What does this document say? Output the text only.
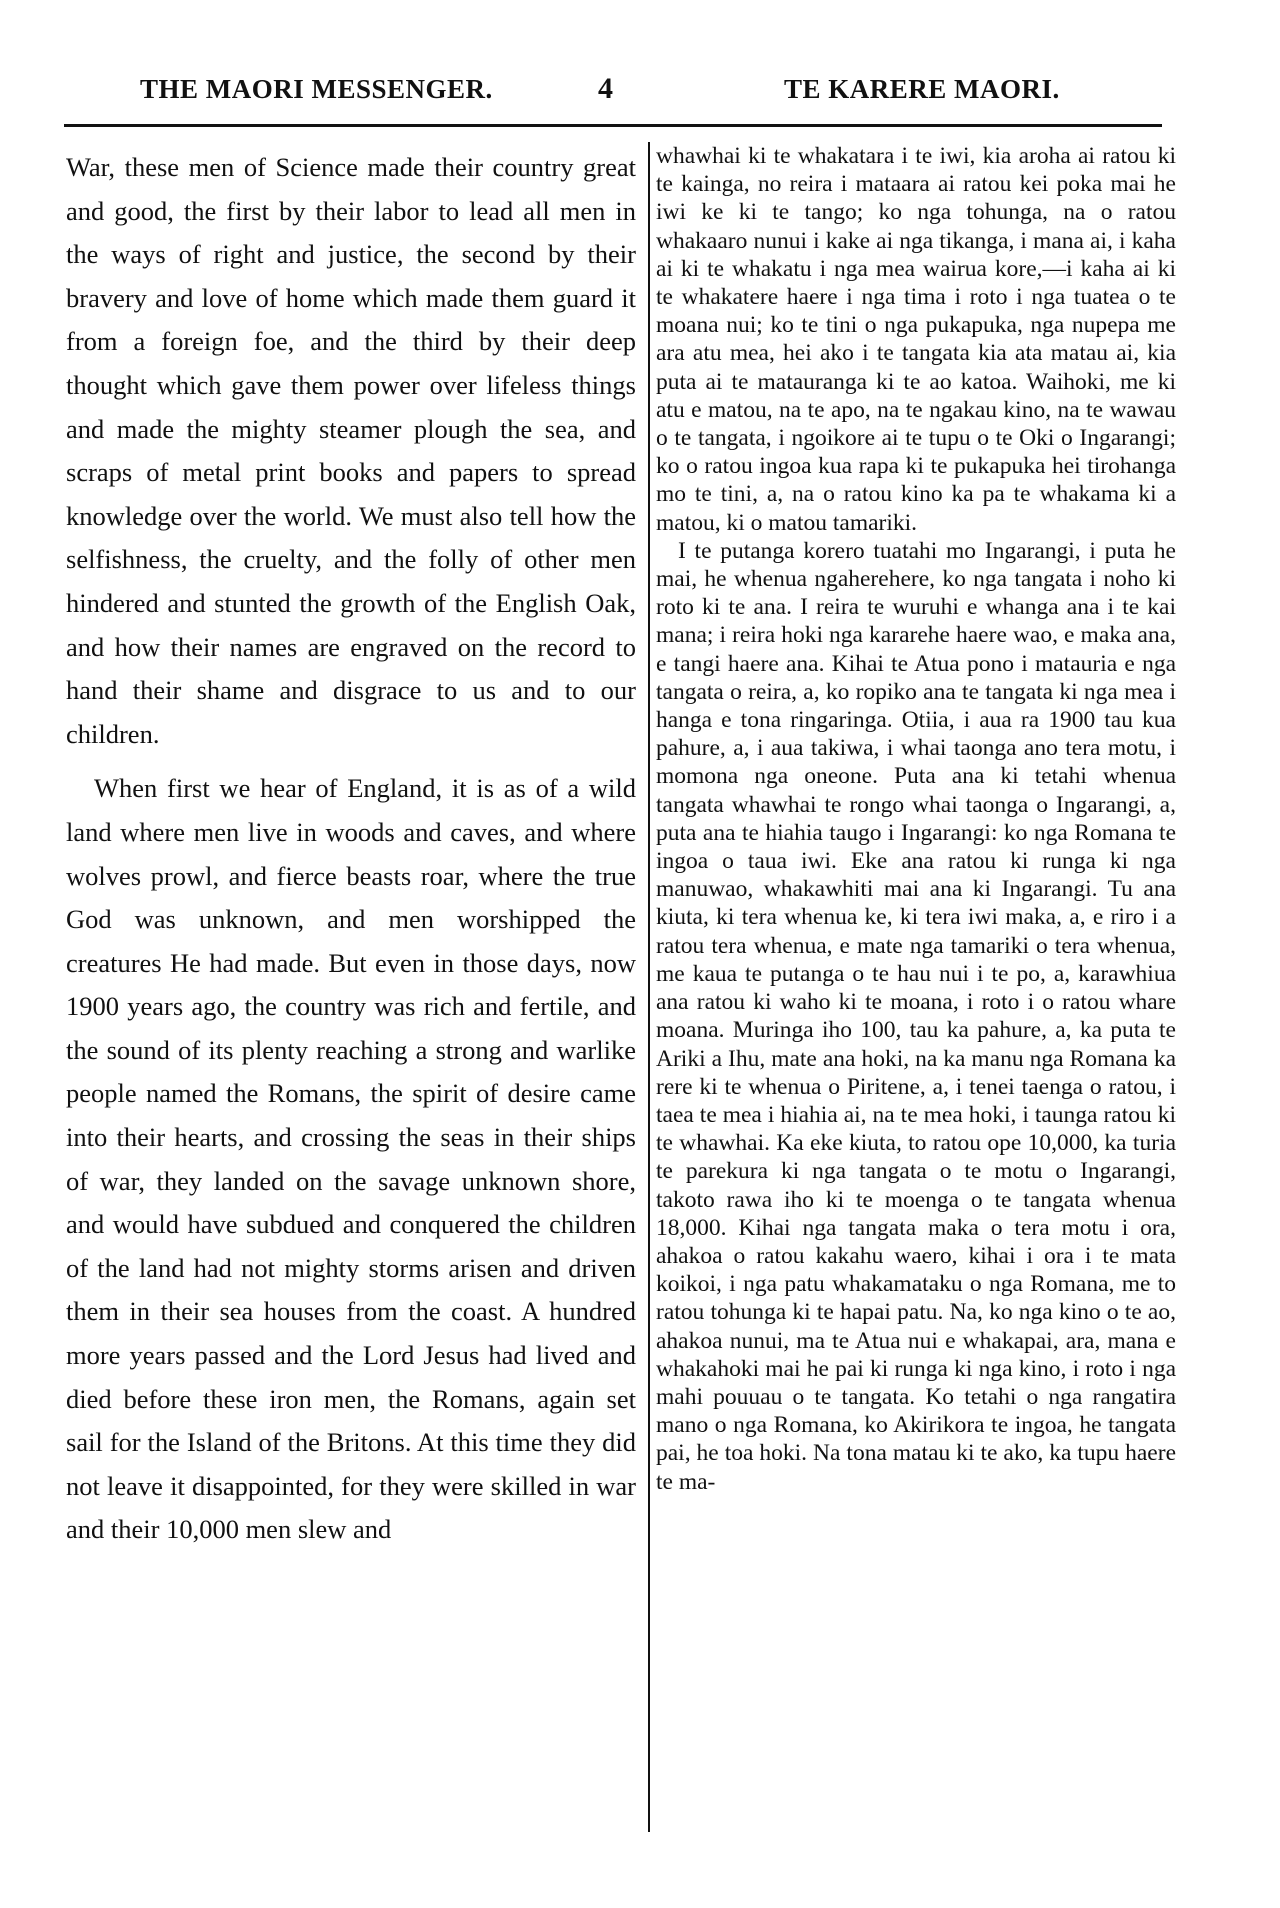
THE MAORI MESSENGER.	4	TE KARERE MAORI.

War, these men of Science made their country great and good, the first by their labor to lead all men in the ways of right and justice, the second by their bravery and love of home which made them guard it from a foreign foe, and the third by their deep thought which gave them power over lifeless things and made the mighty steamer plough the sea, and scraps of metal print books and papers to spread knowledge over the world. We must also tell how the selfishness, the cruelty, and the folly of other men hindered and stunted the growth of the English Oak, and how their names are engraved on the record to hand their shame and disgrace to us and to our children.

When first we hear of England, it is as of a wild land where men live in woods and caves, and where wolves prowl, and fierce beasts roar, where the true God was unknown, and men worshipped the creatures He had made. But even in those days, now 1900 years ago, the country was rich and fertile, and the sound of its plenty reaching a strong and warlike people named the Romans, the spirit of desire came into their hearts, and crossing the seas in their ships of war, they landed on the savage unknown shore, and would have subdued and conquered the children of the land had not mighty storms arisen and driven them in their sea houses from the coast. A hundred more years passed and the Lord Jesus had lived and died before these iron men, the Romans, again set sail for the Island of the Britons. At this time they did not leave it disappointed, for they were skilled in war and their 10,000 men slew and

whawhai ki te whakatara i te iwi, kia aroha ai ratou ki te kainga, no reira i mataara ai ratou kei poka mai he iwi ke ki te tango; ko nga tohunga, na o ratou whakaaro nunui i kake ai nga tikanga, i mana ai, i kaha ai ki te whakatu i nga mea wairua kore,—i kaha ai ki te whakatere haere i nga tima i roto i nga tuatea o te moana nui; ko te tini o nga pukapuka, nga nupepa me ara atu mea, hei ako i te tangata kia ata matau ai, kia puta ai te matauranga ki te ao katoa. Waihoki, me ki atu e matou, na te apo, na te ngakau kino, na te wawau o te tangata, i ngoikore ai te tupu o te Oki o Ingarangi; ko o ratou ingoa kua rapa ki te pukapuka hei tirohanga mo te tini, a, na o ratou kino ka pa te whakama ki a matou, ki o matou tamariki.

I te putanga korero tuatahi mo Ingarangi, i puta he mai, he whenua ngaherehere, ko nga tangata i noho ki roto ki te ana. I reira te wuruhi e whanga ana i te kai mana; i reira hoki nga kararehe haere wao, e maka ana, e tangi haere ana. Kihai te Atua pono i matauria e nga tangata o reira, a, ko ropiko ana te tangata ki nga mea i hanga e tona ringaringa. Otiia, i aua ra 1900 tau kua pahure, a, i aua takiwa, i whai taonga ano tera motu, i momona nga oneone. Puta ana ki tetahi whenua tangata whawhai te rongo whai taonga o Ingarangi, a, puta ana te hiahia taugo i Ingarangi: ko nga Romana te ingoa o taua iwi. Eke ana ratou ki runga ki nga manuwao, whakawhiti mai ana ki Ingarangi. Tu ana kiuta, ki tera whenua ke, ki tera iwi maka, a, e riro i a ratou tera whenua, e mate nga tamariki o tera whenua, me kaua te putanga o te hau nui i te po, a, karawhiua ana ratou ki waho ki te moana, i roto i o ratou whare moana. Muringa iho 100, tau ka pahure, a, ka puta te Ariki a Ihu, mate ana hoki, na ka manu nga Romana ka rere ki te whenua o Piritene, a, i tenei taenga o ratou, i taea te mea i hiahia ai, na te mea hoki, i taunga ratou ki te whawhai. Ka eke kiuta, to ratou ope 10,000, ka turia te parekura ki nga tangata o te motu o Ingarangi, takoto rawa iho ki te moenga o te tangata whenua 18,000. Kihai nga tangata maka o tera motu i ora, ahakoa o ratou kakahu waero, kihai i ora i te mata koikoi, i nga patu whakamataku o nga Romana, me to ratou tohunga ki te hapai patu. Na, ko nga kino o te ao, ahakoa nunui, ma te Atua nui e whakapai, ara, mana e whakahoki mai he pai ki runga ki nga kino, i roto i nga mahi pouuau o te tangata. Ko tetahi o nga rangatira mano o nga Romana, ko Akirikora te ingoa, he tangata pai, he toa hoki. Na tona matau ki te ako, ka tupu haere te ma-
